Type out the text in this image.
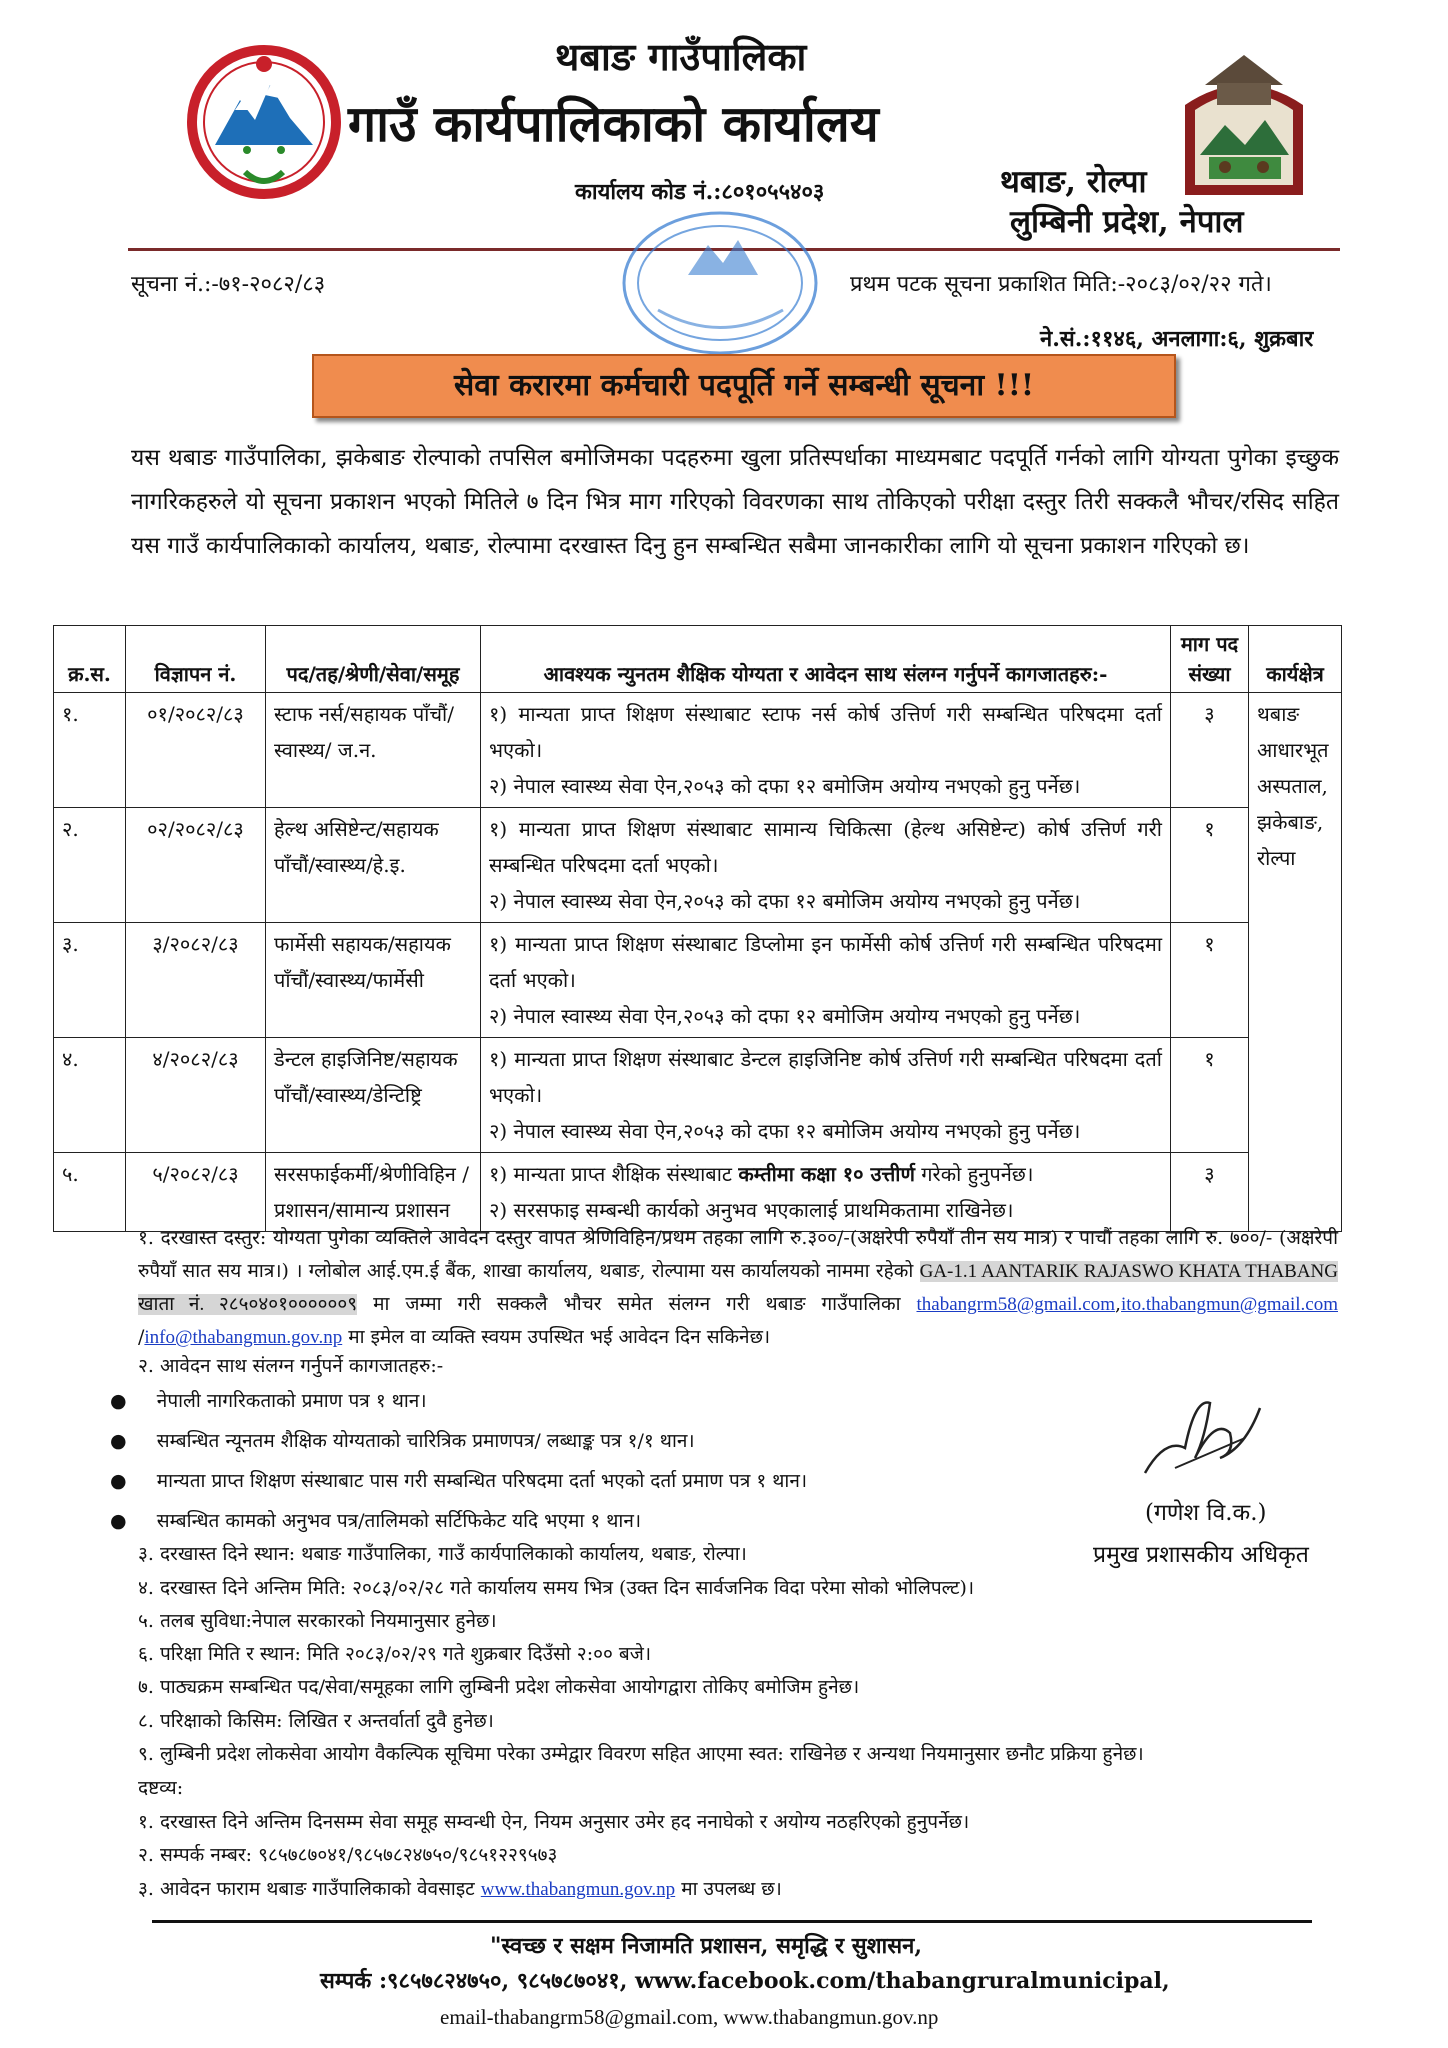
थबाङ गाउँपालिका
गाउँ कार्यपालिकाको कार्यालय
कार्यालय कोड नं.:८०१०५५४०३	थबाङ, रोल्पा
लुम्बिनी प्रदेश, नेपाल
सूचना नं.:-७१-२०८२/८३	प्रथम पटक सूचना प्रकाशित मिति:-२०८३/०२/२२ गते।
ने.सं.:११४६, अनलागा:६, शुक्रबार
सेवा करारमा कर्मचारी पदपूर्ति गर्ने सम्बन्धी सूचना !!!
यस थबाङ गाउँपालिका, झकेबाङ रोल्पाको तपसिल बमोजिमका पदहरुमा खुला प्रतिस्पर्धाका माध्यमबाट पदपूर्ति गर्नको लागि योग्यता पुगेका इच्छुक नागरिकहरुले यो सूचना प्रकाशन भएको मितिले ७ दिन भित्र माग गरिएको विवरणका साथ तोकिएको परीक्षा दस्तुर तिरी सक्कलै भौचर/रसिद सहित यस गाउँ कार्यपालिकाको कार्यालय, थबाङ, रोल्पामा दरखास्त दिनु हुन सम्बन्धित सबैमा जानकारीका लागि यो सूचना प्रकाशन गरिएको छ।
क्र.स.	विज्ञापन नं.	पद/तह/श्रेणी/सेवा/समूह	आवश्यक न्युनतम शैक्षिक योग्यता र आवेदन साथ संलग्न गर्नुपर्ने कागजातहरु:-	माग पद संख्या	कार्यक्षेत्र
१.	०१/२०८२/८३	स्टाफ नर्स/सहायक पाँचौं/स्वास्थ्य/ ज.न.	१) मान्यता प्राप्त शिक्षण संस्थाबाट स्टाफ नर्स कोर्ष उत्तिर्ण गरी सम्बन्धित परिषदमा दर्ता भएको।
२) नेपाल स्वास्थ्य सेवा ऐन,२०५३ को दफा १२ बमोजिम अयोग्य नभएको हुनु पर्नेछ।	३	थबाङ आधारभूत अस्पताल, झकेबाङ, रोल्पा
२.	०२/२०८२/८३	हेल्थ असिष्टेन्ट/सहायक पाँचौं/स्वास्थ्य/हे.इ.	१) मान्यता प्राप्त शिक्षण संस्थाबाट सामान्य चिकित्सा (हेल्थ असिष्टेन्ट) कोर्ष उत्तिर्ण गरी सम्बन्धित परिषदमा दर्ता भएको।
२) नेपाल स्वास्थ्य सेवा ऐन,२०५३ को दफा १२ बमोजिम अयोग्य नभएको हुनु पर्नेछ।	१	
३.	३/२०८२/८३	फार्मेसी सहायक/सहायक पाँचौं/स्वास्थ्य/फार्मेसी	१) मान्यता प्राप्त शिक्षण संस्थाबाट डिप्लोमा इन फार्मेसी कोर्ष उत्तिर्ण गरी सम्बन्धित परिषदमा दर्ता भएको।
२) नेपाल स्वास्थ्य सेवा ऐन,२०५३ को दफा १२ बमोजिम अयोग्य नभएको हुनु पर्नेछ।	१	
४.	४/२०८२/८३	डेन्टल हाइजिनिष्ट/सहायक पाँचौं/स्वास्थ्य/डेन्टिष्ट्रि	१) मान्यता प्राप्त शिक्षण संस्थाबाट डेन्टल हाइजिनिष्ट कोर्ष उत्तिर्ण गरी सम्बन्धित परिषदमा दर्ता भएको।
२) नेपाल स्वास्थ्य सेवा ऐन,२०५३ को दफा १२ बमोजिम अयोग्य नभएको हुनु पर्नेछ।	१	
५.	५/२०८२/८३	सरसफाईकर्मी/श्रेणीविहिन /प्रशासन/सामान्य प्रशासन	१) मान्यता प्राप्त शैक्षिक संस्थाबाट कम्तीमा कक्षा १० उत्तीर्ण गरेको हुनुपर्नेछ।
२) सरसफाइ सम्बन्धी कार्यको अनुभव भएकालाई प्राथमिकतामा राखिनेछ।	३	
१. दरखास्त दस्तुर: योग्यता पुगेका व्यक्तिले आवेदन दस्तुर वापत श्रेणिविहिन/प्रथम तहका लागि रु.३००/-(अक्षरेपी रुपैयाँ तीन सय मात्र) र पाचौं तहका लागि रु. ७००/- (अक्षरेपी रुपैयाँ सात सय मात्र।) । ग्लोबोल आई.एम.ई बैंक, शाखा कार्यालय, थबाङ, रोल्पामा यस कार्यालयको नाममा रहेको GA-1.1 AANTARIK RAJASWO KHATA THABANG खाता नं. २८५०४०१००००००९ मा जम्मा गरी सक्कलै भौचर समेत संलग्न गरी थबाङ गाउँपालिका thabangrm58@gmail.com,ito.thabangmun@gmail.com /info@thabangmun.gov.np मा इमेल वा व्यक्ति स्वयम उपस्थित भई आवेदन दिन सकिनेछ।
२. आवेदन साथ संलग्न गर्नुपर्ने कागजातहरु:-
●     नेपाली नागरिकताको प्रमाण पत्र १ थान।
●     सम्बन्धित न्यूनतम शैक्षिक योग्यताको चारित्रिक प्रमाणपत्र/ लब्धाङ्क पत्र १/१ थान।
●     मान्यता प्राप्त शिक्षण संस्थाबाट पास गरी सम्बन्धित परिषदमा दर्ता भएको दर्ता प्रमाण पत्र १ थान।
●     सम्बन्धित कामको अनुभव पत्र/तालिमको सर्टिफिकेट यदि भएमा १ थान।
३. दरखास्त दिने स्थान: थबाङ गाउँपालिका, गाउँ कार्यपालिकाको कार्यालय, थबाङ, रोल्पा।
४. दरखास्त दिने अन्तिम मिति: २०८३/०२/२८ गते कार्यालय समय भित्र (उक्त दिन सार्वजनिक विदा परेमा सोको भोलिपल्ट)।
५. तलब सुविधा:नेपाल सरकारको नियमानुसार हुनेछ।
६. परिक्षा मिति र स्थान: मिति २०८३/०२/२९ गते शुक्रबार दिउँसो २:०० बजे।
७. पाठ्यक्रम सम्बन्धित पद/सेवा/समूहका लागि लुम्बिनी प्रदेश लोकसेवा आयोगद्वारा तोकिए बमोजिम हुनेछ।
८. परिक्षाको किसिम: लिखित र अन्तर्वार्ता दुवै हुनेछ।
९. लुम्बिनी प्रदेश लोकसेवा आयोग वैकल्पिक सूचिमा परेका उम्मेद्वार विवरण सहित आएमा स्वत: राखिनेछ र अन्यथा नियमानुसार छनौट प्रक्रिया हुनेछ।
दष्टव्य:
१. दरखास्त दिने अन्तिम दिनसम्म सेवा समूह सम्वन्धी ऐन, नियम अनुसार उमेर हद ननाघेको र अयोग्य नठहरिएको हुनुपर्नेछ।
२. सम्पर्क नम्बर: ९८५७८७०४१/९८५७८२४७५०/९८५१२२९५७३
३. आवेदन फाराम थबाङ गाउँपालिकाको वेवसाइट www.thabangmun.gov.np मा उपलब्ध छ।
(गणेश वि.क.)
प्रमुख प्रशासकीय अधिकृत
"स्वच्छ र सक्षम निजामति प्रशासन, समृद्धि र सुशासन,
सम्पर्क :९८५७८२४७५०, ९८५७८७०४१, www.facebook.com/thabangruralmunicipal,
email-thabangrm58@gmail.com, www.thabangmun.gov.np
